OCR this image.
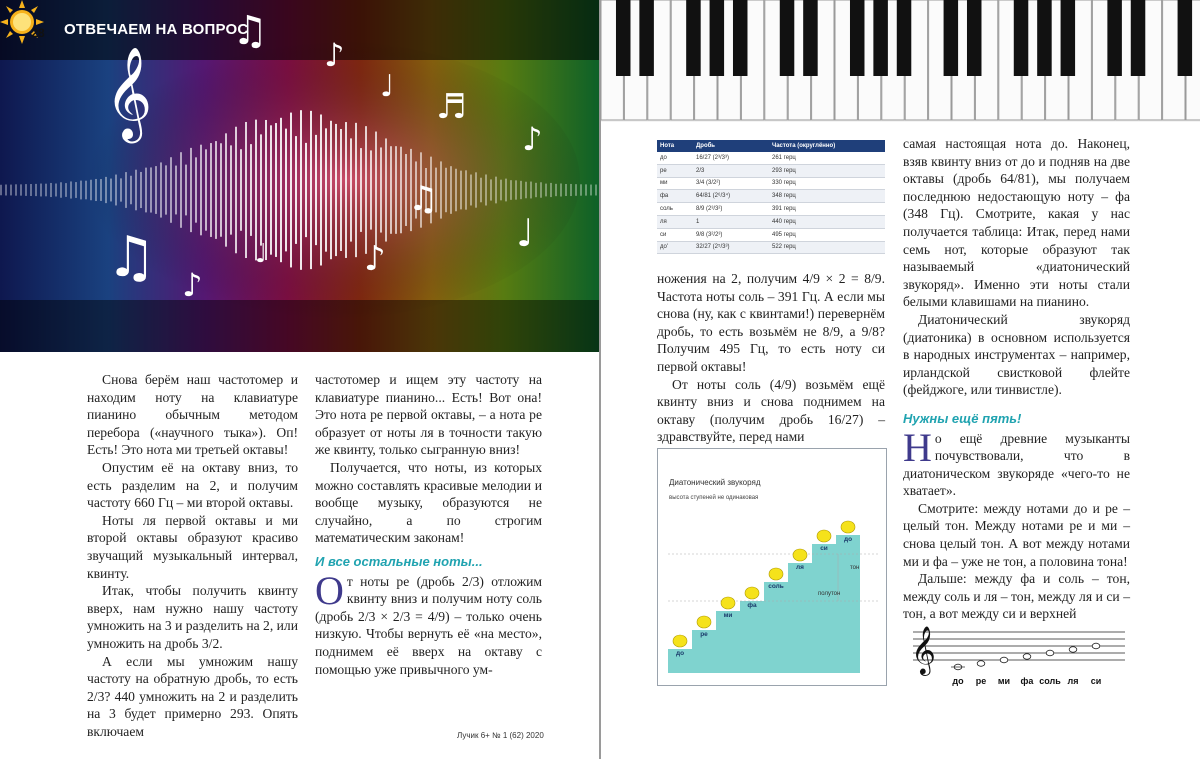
𝄞
♫
♪
♩
♬
♪
♫ ♪
♩	♪
♫
♩
28	ОТВЕЧАЕМ НА ВОПРОС

Снова берём наш частотомер и находим ноту на клавиатуре пианино обычным методом перебора («научного тыка»). Оп! Есть! Это нота ми третьей октавы!

Опустим её на октаву вниз, то есть разделим на 2, и получим частоту 660 Гц – ми второй октавы.

Ноты ля первой октавы и ми второй октавы образуют красиво звучащий музыкальный интервал, квинту.

Итак, чтобы получить квинту вверх, нам нужно нашу частоту умножить на 3 и разделить на 2, или умножить на дробь 3/2.

А если мы умножим нашу частоту на обратную дробь, то есть 2/3? 440 умножить на 2 и разделить на 3 будет примерно 293. Опять включаем

частотомер и ищем эту частоту на клавиатуре пианино... Есть! Вот она! Это нота ре первой октавы, – а нота ре образует от ноты ля в точности такую же квинту, только сыгранную вниз!

Получается, что ноты, из которых можно составлять красивые мелодии и вообще музыку, образуются не случайно, а по строгим математическим законам!

И все остальные ноты...

От ноты ре (дробь 2/3) отложим квинту вниз и получим ноту соль (дробь 2/3 × 2/3 = 4/9) – только очень низкую. Чтобы вернуть её «на место», поднимем её вверх на октаву с помощью уже привычного ум-

Лучик 6+ № 1 (62) 2020
Нота	Дробь	Частота (округлённо)
до	16/27 (2³/3³)	261 герц
ре	2/3	293 герц
ми	3/4 (3/2²)	330 герц
фа	64/81 (2⁶/3⁴)	348 герц
соль	8/9 (2³/3²)	391 герц
ля	1	440 герц
си	9/8 (3²/2³)	495 герц
до'	32/27 (2⁵/3³)	522 герц

ножения на 2, получим 4/9 × 2 = 8/9. Частота ноты соль – 391 Гц. А если мы снова (ну, как с квинтами!) перевернём дробь, то есть возьмём не 8/9, а 9/8? Получим 495 Гц, то есть ноту си первой октавы!

От ноты соль (4/9) возьмём ещё квинту вниз и снова поднимем на октаву (получим дробь 16/27) – здравствуйте, перед нами

Диатонический звукоряд
высота ступеней не одинаковая
тон
полутон
до
ре
ми
фа
соль
ля
си
до

самая настоящая нота до. Наконец, взяв квинту вниз от до и подняв на две октавы (дробь 64/81), мы получаем последнюю недостающую ноту – фа (348 Гц). Смотрите, какая у нас получается таблица: Итак, перед нами семь нот, которые образуют так называемый «диатонический звукоряд». Именно эти ноты стали белыми клавишами на пианино.

Диатонический звукоряд (диатоника) в основном используется в народных инструментах – например, ирландской свистковой флейте (фейджоге, или тинвистле).

Нужны ещё пять!

Но ещё древние музыканты почувствовали, что в диатоническом звукоряде «чего-то не хватает».

Смотрите: между нотами до и ре – целый тон. Между нотами ре и ми – снова целый тон. А вот между нотами ми и фа – уже не тон, а половина тона!

Дальше: между фа и соль – тон, между соль и ля – тон, между ля и си – тон, а вот между си и верхней

𝄞
до ре ми фа соль ля си
